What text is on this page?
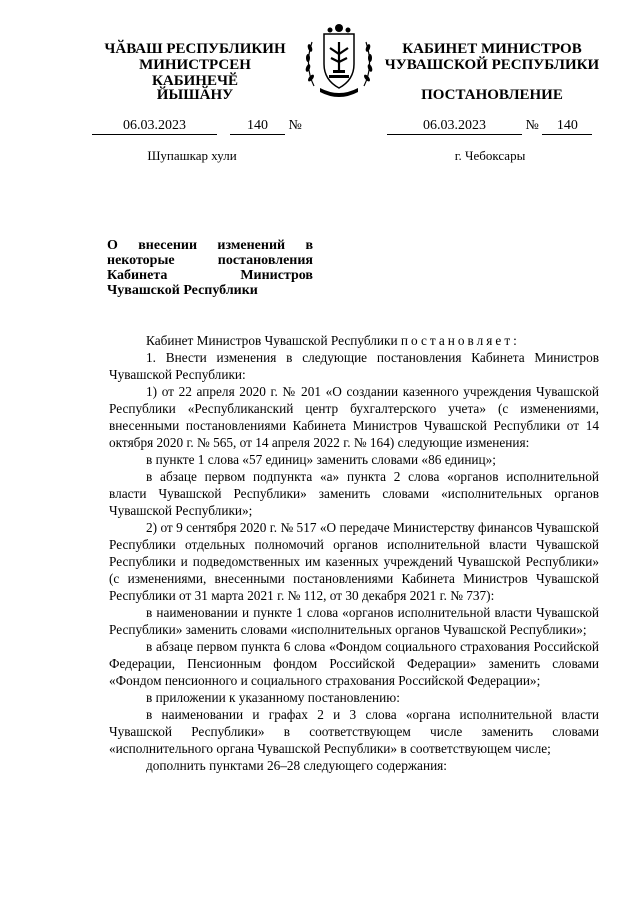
ЧӐВАШ РЕСПУБЛИКИН
МИНИСТРСЕН КАБИНЕЧӖ
ЙЫШӐНУ
КАБИНЕТ МИНИСТРОВ
ЧУВАШСКОЙ РЕСПУБЛИКИ
ПОСТАНОВЛЕНИЕ
06.03.2023	140 №	06.03.2023	№ 140
Шупашкар хули	г. Чебоксары
О внесении изменений в некоторые постановления Кабинета Министров Чувашской Республики

Кабинет Министров Чувашской Республики постановляет:

1. Внести изменения в следующие постановления Кабинета Министров Чувашской Республики:

1) от 22 апреля 2020 г. № 201 «О создании казенного учреждения Чувашской Республики «Республиканский центр бухгалтерского учета» (с изменениями, внесенными постановлениями Кабинета Министров Чувашской Республики от 14 октября 2020 г. № 565, от 14 апреля 2022 г. № 164) следующие изменения:

в пункте 1 слова «57 единиц» заменить словами «86 единиц»;

в абзаце первом подпункта «а» пункта 2 слова «органов исполнительной власти Чувашской Республики» заменить словами «исполнительных органов Чувашской Республики»;

2) от 9 сентября 2020 г. № 517 «О передаче Министерству финансов Чувашской Республики отдельных полномочий органов исполнительной власти Чувашской Республики и подведомственных им казенных учреждений Чувашской Республики» (с изменениями, внесенными постановлениями Кабинета Министров Чувашской Республики от 31 марта 2021 г. № 112, от 30 декабря 2021 г. № 737):

в наименовании и пункте 1 слова «органов исполнительной власти Чувашской Республики» заменить словами «исполнительных органов Чувашской Республики»;

в абзаце первом пункта 6 слова «Фондом социального страхования Российской Федерации, Пенсионным фондом Российской Федерации» заменить словами «Фондом пенсионного и социального страхования Российской Федерации»;

в приложении к указанному постановлению:

в наименовании и графах 2 и 3 слова «органа исполнительной власти Чувашской Республики» в соответствующем числе заменить словами «исполнительного органа Чувашской Республики» в соответствующем числе;

дополнить пунктами 26–28 следующего содержания:
